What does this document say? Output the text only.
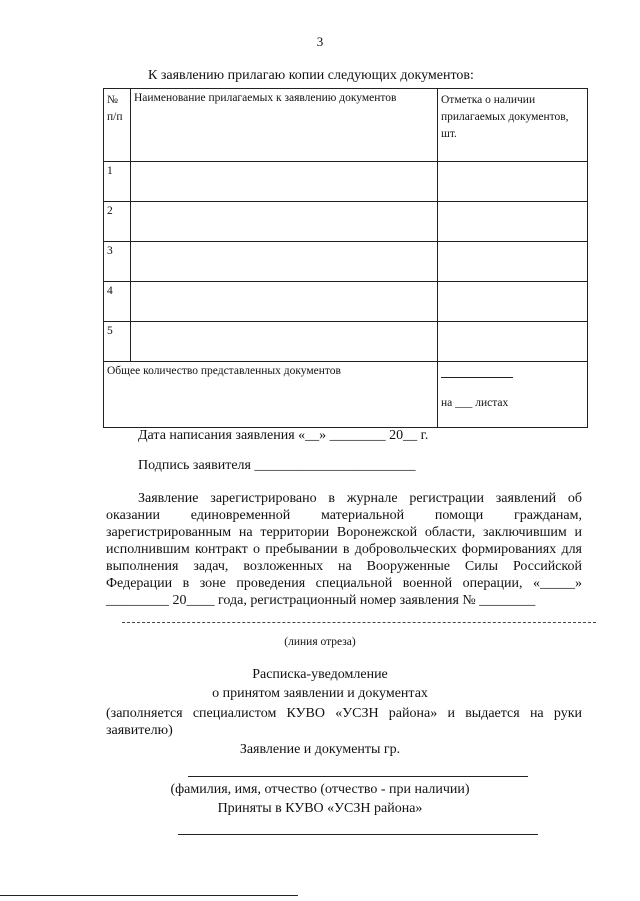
3
К заявлению прилагаю копии следующих документов:
№ п/п	Наименование прилагаемых к заявлению документов	Отметка о наличии прилагаемых документов, шт.
1		
2		
3		
4		
5		
Общее количество представленных документов		на ___ листах
Дата написания заявления «__» ________ 20__ г.
Подпись заявителя _______________________
Заявление зарегистрировано в журнале регистрации заявлений об оказании единовременной материальной помощи гражданам, зарегистрированным на территории Воронежской области, заключившим и исполнившим контракт о пребывании в добровольческих формированиях для выполнения задач, возложенных на Вооруженные Силы Российской Федерации в зоне проведения специальной военной операции, «_____» _________ 20____ года, регистрационный номер заявления № ________
(линия отреза)
Расписка-уведомление
о принятом заявлении и документах
(заполняется специалистом КУВО «УСЗН района» и выдается на руки заявителю)
Заявление и документы гр.
(фамилия, имя, отчество (отчество - при наличии)
Приняты в КУВО «УСЗН района»
